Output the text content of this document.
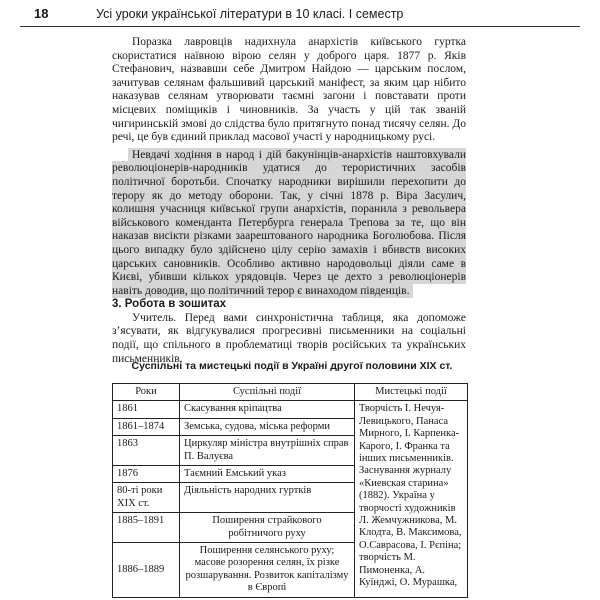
18	Усі уроки української літератури в 10 класі. І семестр

Поразка лавровців надихнула анархістів київського гуртка скористатися наївною вірою селян у доброго царя. 1877 р. Яків Стефанович, назвавши себе Дмитром Найдою — царським послом, зачитував селянам фальшивий царський маніфест, за яким цар нібито наказував селянам утворювати таємні загони і повставати проти місцевих поміщиків і чиновників. За участь у цій так званій чигиринській змові до слідства було притягнуто понад тисячу селян. До речі, це був єдиний приклад масової участі у народницькому русі.

Невдачі ходіння в народ і дій бакунінців-анархістів наштовхували революціонерів-народників удатися до терористичних засобів політичної боротьби. Спочатку народники вирішили перехопити до терору як до методу оборони. Так, у січні 1878 р. Віра Засулич, колишня учасниця київської групи анархістів, поранила з револьвера військового коменданта Петербурга генерала Трепова за те, що він наказав висікти різками заарештованого народника Боголюбова. Після цього випадку було здійснено цілу серію замахів і вбивств високих царських сановників. Особливо активно народовольці діяли саме в Києві, убивши кількох урядовців. Через це дехто з революціонерів навіть доводив, що політичний терор є винаходом південців.

3. Робота в зошитах

Учитель. Перед вами синхроністична таблиця, яка допоможе з’ясувати, як відгукувалися прогресивні письменники на соціальні події, що спільного в проблематиці творів російських та українських письменників.

Суспільні та мистецькі події в Україні другої половини XIX ст.
Роки	Суспільні події	Мистецькі події
1861	Скасування кріпацтва	Творчість І. Нечуя-Левицького, Панаса Мирного, І. Карпенка-Карого, І. Франка та інших письменників. Заснування журналу «Киевская старина» (1882). Україна у творчості художників Л. Жемчужникова, М. Клодта, В. Максимова, О.Саврасова, І. Рєпіна; творчість М. Пимоненка, А. Куїнджі, О. Мурашка,
1861–1874	Земська, судова, міська реформи	

1863	Циркуляр міністра внутрішніх справ П. Валуєва	

1876	Таємний Емський указ	

80-ті роки XIX ст.	Діяльність народних гуртків	

1885–1891	Поширення страйкового робітничого руху	
1886–1889	Поширення селянського руху; масове розорення селян, їх різке розшарування. Розвиток капіталізму в Європі	
